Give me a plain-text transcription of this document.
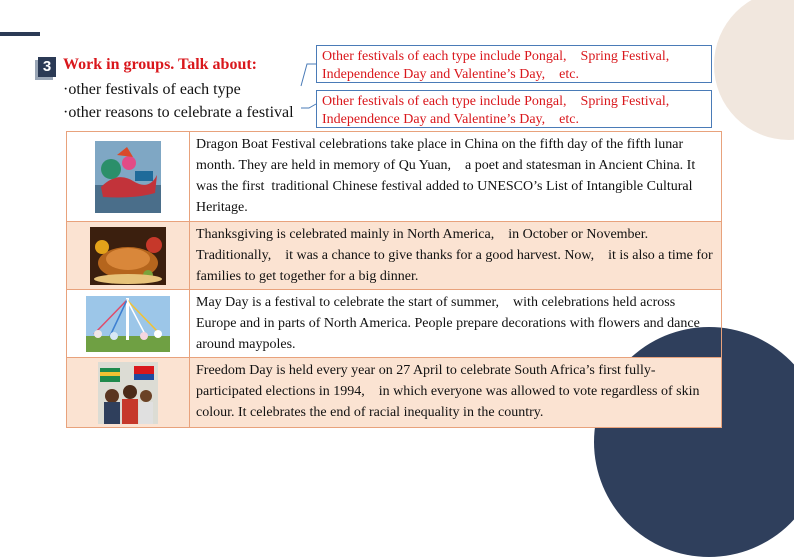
3 Work in groups. Talk about:
·other festivals of each type
·other reasons to celebrate a festival
Other festivals of each type include Pongal,　Spring Festival, Independence Day and Valentine’s Day,　etc.
Other festivals of each type include Pongal,　Spring Festival, Independence Day and Valentine’s Day,　etc.
Dragon Boat Festival celebrations take place in China on the fifth day of the fifth lunar month. They are held in memory of Qu Yuan,　a poet and statesman in Ancient China. It was the first  traditional Chinese festival added to UNESCO’s List of Intangible Cultural Heritage.
Thanksgiving is celebrated mainly in North America,　in October or November. Traditionally,　it was a chance to give thanks for a good harvest. Now,　it is also a time for families to get together for a big dinner.
May Day is a festival to celebrate the start of summer,　with celebrations held across Europe and in parts of North America. People prepare decorations with flowers and dance around maypoles.
Freedom Day is held every year on 27 April to celebrate South Africa’s first fully-participated elections in 1994,　in which everyone was allowed to vote regardless of skin colour. It celebrates the end of racial inequality in the country.
